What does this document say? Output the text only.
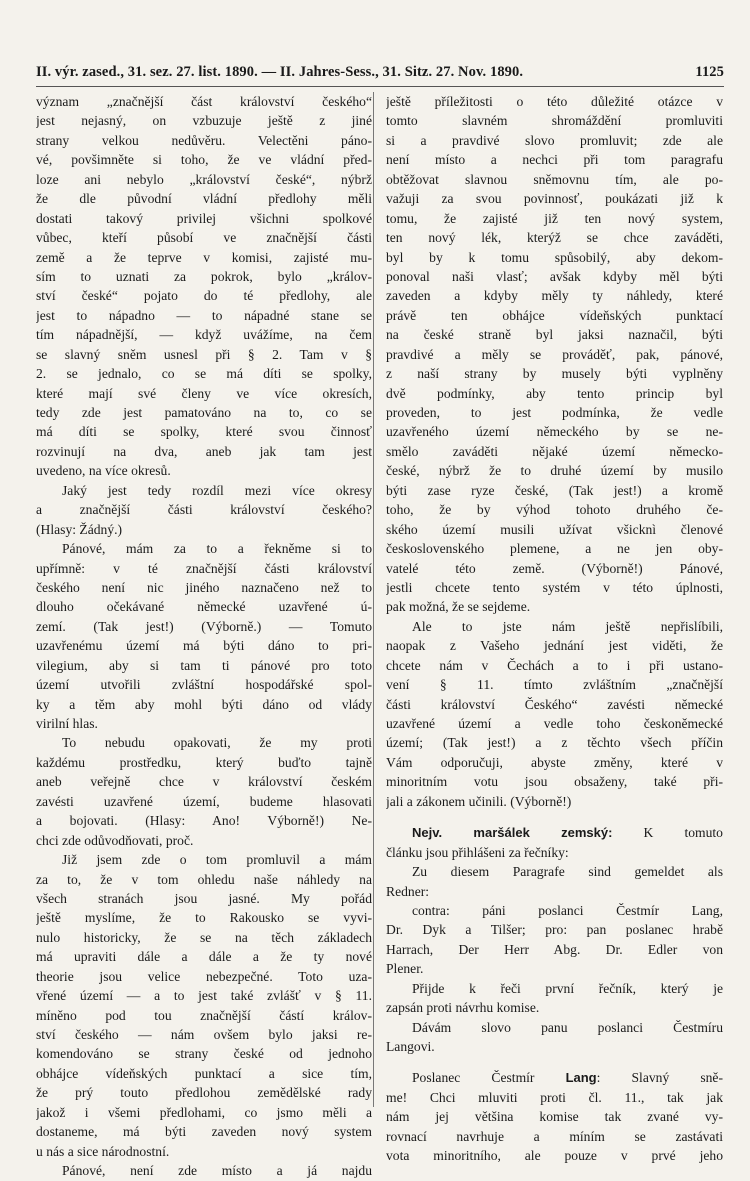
II. výr. zased., 31. sez. 27. list. 1890. — II. Jahres-Sess., 31. Sitz. 27. Nov. 1890.	1125
význam „značnější část království českého“
jest nejasný, on vzbuzuje ještě z jiné
strany velkou nedůvěru. Velectěni páno-
vé, povšimněte si toho, že ve vládní před-
loze ani nebylo „království české“, nýbrž
že dle původní vládní předlohy měli
dostati takový privilej všichni spolkové
vůbec, kteří působí ve značnější části
země a že teprve v komisi, zajisté mu-
sím to uznati za pokrok, bylo „králov-
ství české“ pojato do té předlohy, ale
jest to nápadno — to nápadné stane se
tím nápadnější, — když uvážíme, na čem
se slavný sněm usnesl při § 2. Tam v §
2. se jednalo, co se má díti se spolky,
které mají své členy ve více okresích,
tedy zde jest pamatováno na to, co se
má díti se spolky, které svou činnosť
rozvinují na dva, aneb jak tam jest
uvedeno, na více okresů.
Jaký jest tedy rozdíl mezi více okresy
a značnější části království českého?
(Hlasy: Žádný.)
Pánové, mám za to a řekněme si to
upřímně: v té značnější části království
českého není nic jiného naznačeno než to
dlouho očekávané německé uzavřené ú-
zemí. (Tak jest!) (Výborně.) — Tomuto
uzavřenému území má býti dáno to pri-
vilegium, aby si tam ti pánové pro toto
území utvořili zvláštní hospodářské spol-
ky a těm aby mohl býti dáno od vlády
virilní hlas.
To nebudu opakovati, že my proti
každému prostředku, který buďto tajně
aneb veřejně chce v království českém
zavésti uzavřené území, budeme hlasovati
a bojovati. (Hlasy: Ano! Výborně!) Ne-
chci zde odůvodňovati, proč.
Již jsem zde o tom promluvil a mám
za to, že v tom ohledu naše náhledy na
všech stranách jsou jasné. My pořád
ještě myslíme, že to Rakousko se vyvi-
nulo historicky, že se na těch základech
má upraviti dále a dále a že ty nové
theorie jsou velice nebezpečné. Toto uza-
vřené území — a to jest také zvlášť v § 11.
míněno pod tou značnější částí králov-
ství českého — nám ovšem bylo jaksi re-
komendováno se strany české od jednoho
obhájce vídeňských punktací a sice tím,
že prý touto předlohou zemědělské rady
jakož i všemi předlohami, co jsmo měli a
dostaneme, má býti zaveden nový system
u nás a sice národnostní.
Pánové, není zde místo a já najdu
ještě příležitosti o této důležité otázce v
tomto slavném shromáždění promluviti
si a pravdivé slovo promluvit; zde ale
není místo a nechci při tom paragrafu
obtěžovat slavnou sněmovnu tím, ale po-
važuji za svou povinnosť, poukázati již k
tomu, že zajisté již ten nový system,
ten nový lék, kterýž se chce zaváděti,
byl by k tomu spůsobilý, aby dekom-
ponoval naši vlasť; avšak kdyby měl býti
zaveden a kdyby měly ty náhledy, které
právě ten obhájce vídeňských punktací
na české straně byl jaksi naznačil, býti
pravdivé a měly se prováděť, pak, pánové,
z naší strany by musely býti vyplněny
dvě podmínky, aby tento princip byl
proveden, to jest podmínka, že vedle
uzavřeného území německého by se ne-
smělo zaváděti nějaké území německo-
české, nýbrž že to druhé území by musilo
býti zase ryze české, (Tak jest!) a kromě
toho, že by výhod tohoto druhého če-
ského území musili užívat všicknì členové
československého plemene, a ne jen oby-
vatelé této země. (Výborně!) Pánové,
jestli chcete tento systém v této úplnosti,
pak možná, že se sejdeme.
Ale to jste nám ještě nepřislíbili,
naopak z Vašeho jednání jest viděti, že
chcete nám v Čechách a to i při ustano-
vení § 11. tímto zvláštním „značnější
části království Českého“ zavésti německé
uzavřené území a vedle toho českoněmecké
území; (Tak jest!) a z těchto všech příčin
Vám odporučuji, abyste změny, které v
minoritním votu jsou obsaženy, také při-
jali a zákonem učinili. (Výborně!)
Nejv. maršálek zemský: K tomuto
článku jsou přihlášeni za řečníky:
Zu diesem Paragrafe sind gemeldet als
Redner:
contra: páni poslanci Čestmír Lang,
Dr. Dyk a Tilšer; pro: pan poslanec hrabě
Harrach, Der Herr Abg. Dr. Edler von
Plener.
Přijde k řeči první řečník, který je
zapsán proti návrhu komise.
Dávám slovo panu poslanci Čestmíru
Langovi.
Poslanec Čestmír Lang: Slavný sně-
me! Chci mluviti proti čl. 11., tak jak
nám jej většina komise tak zvané vy-
rovnací navrhuje a míním se zastávati
vota minoritního, ale pouze v prvé jeho
